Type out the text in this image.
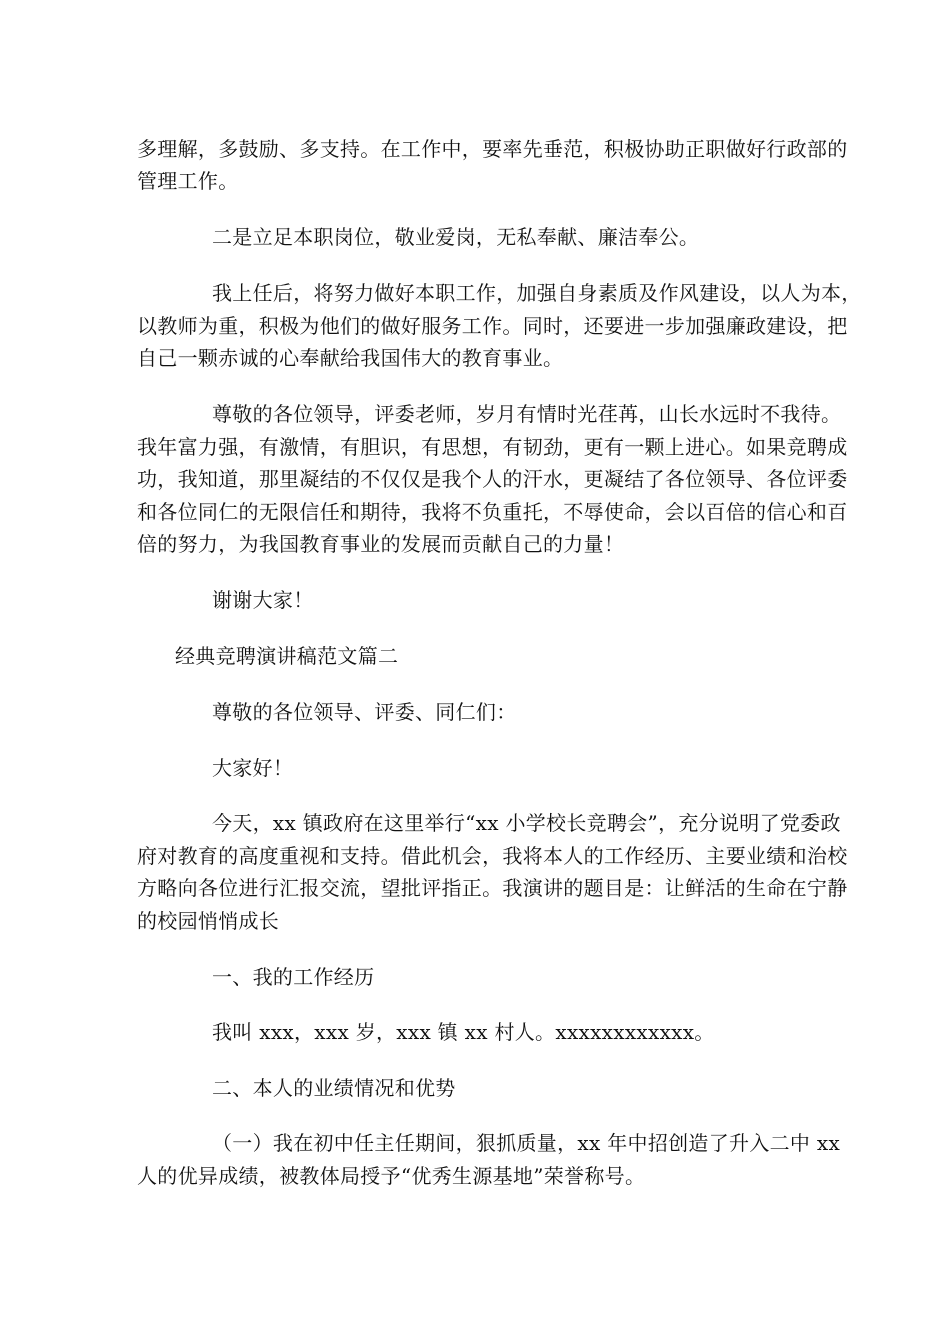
多理解，多鼓励、多支持。在工作中，要率先垂范，积极协助正职做好行政部的
管理工作。
二是立足本职岗位，敬业爱岗，无私奉献、廉洁奉公。
我上任后，将努力做好本职工作，加强自身素质及作风建设，以人为本，
以教师为重，积极为他们的做好服务工作。同时，还要进一步加强廉政建设，把
自己一颗赤诚的心奉献给我国伟大的教育事业。
尊敬的各位领导，评委老师，岁月有情时光荏苒，山长水远时不我待。
我年富力强，有激情，有胆识，有思想，有韧劲，更有一颗上进心。如果竞聘成
功，我知道，那里凝结的不仅仅是我个人的汗水，更凝结了各位领导、各位评委
和各位同仁的无限信任和期待，我将不负重托，不辱使命，会以百倍的信心和百
倍的努力，为我国教育事业的发展而贡献自己的力量！
谢谢大家！
经典竞聘演讲稿范文篇二
尊敬的各位领导、评委、同仁们：
大家好！
今天，xx 镇政府在这里举行“xx 小学校长竞聘会”，充分说明了党委政
府对教育的高度重视和支持。借此机会，我将本人的工作经历、主要业绩和治校
方略向各位进行汇报交流，望批评指正。我演讲的题目是：让鲜活的生命在宁静
的校园悄悄成长
一、我的工作经历
我叫 xxx，xxx 岁，xxx 镇 xx 村人。xxxxxxxxxxxx。
二、本人的业绩情况和优势
（一）我在初中任主任期间，狠抓质量，xx 年中招创造了升入二中 xx
人的优异成绩，被教体局授予“优秀生源基地”荣誉称号。
